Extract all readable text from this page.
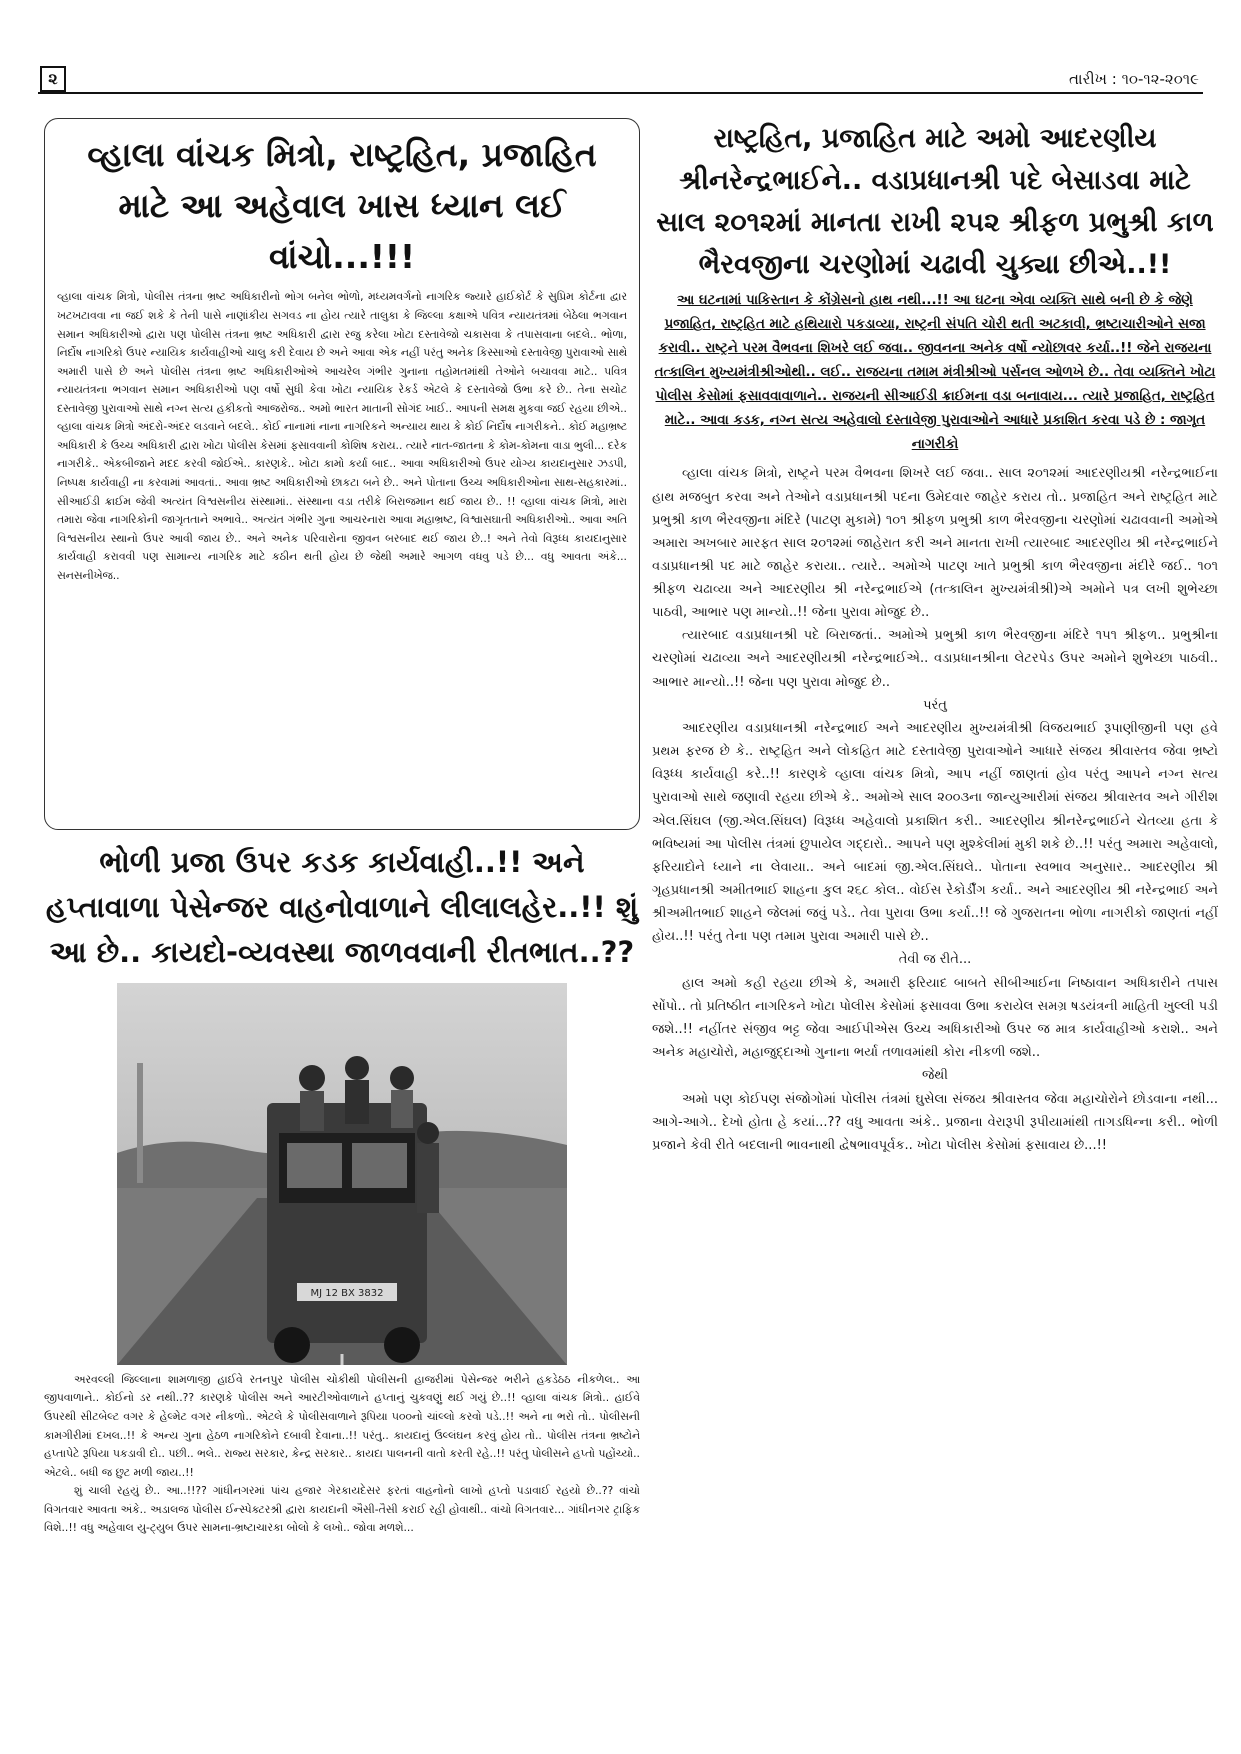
૨	તારીખ : ૧૦-૧૨-૨૦૧૯

વ્હાલા વાંચક મિત્રો, રાષ્ટ્રહિત, પ્રજાહિત માટે આ અહેવાલ ખાસ ધ્યાન લઈ વાંચો...!!!

વ્હાલા વાંચક મિત્રો, પોલીસ તંત્રના ભ્રષ્ટ અધિકારીનો ભોગ બનેલ ભોળો, મધ્યમવર્ગનો નાગરિક જ્યારે હાઈકોર્ટ કે સુપ્રિમ કોર્ટના દ્વાર ખટખટાવવા ના જઈ શકે કે તેની પાસે નાણાંકીય સગવડ ના હોય ત્યારે તાલુકા કે જિલ્લા કક્ષાએ પવિત્ર ન્યાયતંત્રમાં બેઠેલા ભગવાન સમાન અધિકારીઓ દ્વારા પણ પોલીસ તંત્રના ભ્રષ્ટ અધિકારી દ્વારા રજુ કરેલા ખોટા દસ્તાવેજો ચકાસવા કે તપાસવાના બદલે.. ભોળા, નિર્દોષ નાગરિકો ઉપર ન્યાયિક કાર્યવાહીઓ ચાલુ કરી દેવાય છે અને આવા એક નહીં પરંતુ અનેક કિસ્સાઓ દસ્તાવેજી પુરાવાઓ સાથે અમારી પાસે છે અને પોલીસ તંત્રના ભ્રષ્ટ અધિકારીઓએ આચરેલ ગંભીર ગુનાના તહોમતમાંથી તેઓને બચાવવા માટે.. પવિત્ર ન્યાયતંત્રના ભગવાન સમાન અધિકારીઓ પણ વર્ષો સુધી કેવા ખોટા ન્યાયિક રેકર્ડ એટલે કે દસ્તાવેજો ઉભા કરે છે.. તેના સચોટ દસ્તાવેજી પુરાવાઓ સાથે નગ્ન સત્ય હકીકતો આજરોજ.. અમો ભારત માતાની સોગંદ ખાઈ.. આપની સમક્ષ મુકવા જઈ રહયા છીએ.. વ્હાલા વાંચક મિત્રો અંદરો-અંદર લડવાને બદલે.. કોઈ નાનામાં નાના નાગરિકને અન્યાય થાય કે કોઈ નિર્દોષ નાગરીકને.. કોઈ મહાભ્રષ્ટ અધિકારી કે ઉચ્ચ અધિકારી દ્વારા ખોટા પોલીસ કેસમાં ફસાવવાની કોશિષ કરાય.. ત્યારે નાત-જાતના કે કોમ-કોમના વાડા ભુલી... દરેક નાગરીકે.. એકબીજાને મદદ કરવી જોઈએ.. કારણકે.. ખોટા કામો કર્યા બાદ.. આવા અધિકારીઓ ઉપર યોગ્ય કાયદાનુસાર ઝડપી, નિષ્પક્ષ કાર્યવાહી ના કરવામાં આવતાં.. આવા ભ્રષ્ટ અધિકારીઓ છાકટા બને છે.. અને પોતાના ઉચ્ચ અધિકારીઓના સાથ-સહકારમાં.. સીઆઈડી ક્રાઈમ જેવી અત્યંત વિશ્વસનીય સંસ્થામાં.. સંસ્થાના વડા તરીકે બિરાજમાન થઈ જાય છે.. !! વ્હાલા વાંચક મિત્રો, મારા તમારા જેવા નાગરિકોની જાગૃતતાને અભાવે.. અત્યંત ગંભીર ગુના આચરનારા આવા મહાભ્રષ્ટ, વિશ્વાસઘાતી અધિકારીઓ.. આવા અતિ વિશ્વસનીય સ્થાનો ઉપર આવી જાય છે.. અને અનેક પરિવારોના જીવન બરબાદ થઈ જાય છે..! અને તેવો વિરૂધ્ધ કાયદાનુસાર કાર્યવાહી કરાવવી પણ સામાન્ય નાગરિક માટે કઠીન થતી હોય છે જેથી અમારે આગળ વધવુ પડે છે... વધુ આવતા અંકે... સનસનીખેજ..

ભોળી પ્રજા ઉપર કડક કાર્યવાહી..!! અને હપ્તાવાળા પેસેન્જર વાહનોવાળાને લીલાલહેર..!! શું આ છે.. કાયદો-વ્યવસ્થા જાળવવાની રીતભાત..??

MJ 12 BX 3832

અરવલ્લી જિલ્લાના શામળાજી હાઈવે રતનપુર પોલીસ ચોકીથી પોલીસની હાજરીમાં પેસેન્જર ભરીને હકડેઠઠ નીકળેલ.. આ જીપવાળાને.. કોઈનો ડર નથી..?? કારણકે પોલીસ અને આરટીઓવાળાને હપ્તાનું ચુકવણું થઈ ગયું છે..!! વ્હાલા વાંચક મિત્રો.. હાઈવે ઉપરથી સીટબેલ્ટ વગર કે હેલ્મેટ વગર નીકળો.. એટલે કે પોલીસવાળાને રૂપિયા ૫૦૦નો ચાંલ્લો કરવો પડે..!! અને ના ભરો તો.. પોલીસની કામગીરીમાં દખલ..!! કે અન્ય ગુના હેઠળ નાગરિકોને દબાવી દેવાના..!! પરંતુ.. કાયદાનું ઉલ્લંઘન કરવું હોય તો.. પોલીસ તંત્રના ભ્રષ્ટોને હપ્તાપેટે રૂપિયા પકડાવી દો.. પછી.. ભલે.. રાજ્ય સરકાર, કેન્દ્ર સરકાર.. કાયદા પાલનની વાતો કરતી રહે..!! પરંતુ પોલીસને હપ્તો પહોંચ્યો.. એટલે.. બધી જ છુટ મળી જાય..!!

શું ચાલી રહયું છે.. આ..!!?? ગાંધીનગરમાં પાંચ હજાર ગેરકાયદેસર ફરતાં વાહનોનો લાખો હપ્તો પડાવાઈ રહયો છે..?? વાંચો વિગતવાર આવતા અંકે.. અડાલજ પોલીસ ઈન્સ્પેક્ટરશ્રી દ્વારા કાયદાની ઐસી-તૈસી કરાઈ રહી હોવાથી.. વાંચો વિગતવાર... ગાંધીનગર ટ્રાફિક વિશે..!! વધુ અહેવાલ યુ-ટ્યુબ ઉપર સામના-ભ્રષ્ટાચારકા બોલો કે લખો.. જોવા મળશે...

રાષ્ટ્રહિત, પ્રજાહિત માટે અમો આદરણીય શ્રીનરેન્દ્રભાઈને.. વડાપ્રધાનશ્રી પદે બેસાડવા માટે સાલ ૨૦૧૨માં માનતા રાખી ૨૫૨ શ્રીફળ પ્રભુશ્રી કાળ ભૈરવજીના ચરણોમાં ચઢાવી ચુક્યા છીએ..!!

આ ઘટનામાં પાકિસ્તાન કે કોંગ્રેસનો હાથ નથી...!! આ ઘટના એવા વ્યક્તિ સાથે બની છે કે જેણે પ્રજાહિત, રાષ્ટ્રહિત માટે હથિયારો પકડાવ્યા, રાષ્ટ્રની સંપતિ ચોરી થતી અટકાવી, ભ્રષ્ટાચારીઓને સજા કરાવી.. રાષ્ટ્રને પરમ વૈભવના શિખરે લઈ જવા.. જીવનના અનેક વર્ષો ન્યોછાવર કર્યા..!! જેને રાજયના તત્કાલિન મુખ્યમંત્રીશ્રીઓથી.. લઈ.. રાજયના તમામ મંત્રીશ્રીઓ પર્સનલ ઓળખે છે.. તેવા વ્યક્તિને ખોટા પોલીસ કેસોમાં ફસાવવાવાળાને.. રાજયની સીઆઈડી ક્રાઈમના વડા બનાવાય... ત્યારે પ્રજાહિત, રાષ્ટ્રહિત માટે.. આવા કડક, નગ્ન સત્ય અહેવાલો દસ્તાવેજી પુરાવાઓને આધારે પ્રકાશિત કરવા પડે છે : જાગૃત નાગરીકો

વ્હાલા વાંચક મિત્રો, રાષ્ટ્રને પરમ વૈભવના શિખરે લઈ જવા.. સાલ ૨૦૧૨માં આદરણીયશ્રી નરેન્દ્રભાઈના હાથ મજબુત કરવા અને તેઓને વડાપ્રધાનશ્રી પદના ઉમેદવાર જાહેર કરાય તો.. પ્રજાહિત અને રાષ્ટ્રહિત માટે પ્રભુશ્રી કાળ ભૈરવજીના મંદિરે (પાટણ મુકામે) ૧૦૧ શ્રીફળ પ્રભુશ્રી કાળ ભૈરવજીના ચરણોમાં ચઢાવવાની અમોએ અમારા અખબાર મારફત સાલ ૨૦૧૨માં જાહેરાત કરી અને માનતા રાખી ત્યારબાદ આદરણીય શ્રી નરેન્દ્રભાઈને વડાપ્રધાનશ્રી પદ માટે જાહેર કરાયા.. ત્યારે.. અમોએ પાટણ ખાતે પ્રભુશ્રી કાળ ભૈરવજીના મંદીરે જઈ.. ૧૦૧ શ્રીફળ ચઢાવ્યા અને આદરણીય શ્રી નરેન્દ્રભાઈએ (તત્કાલિન મુખ્યમંત્રીશ્રી)એ અમોને પત્ર લખી શુભેચ્છા પાઠવી, આભાર પણ માન્યો..!! જેના પુરાવા મોજુદ છે..

ત્યારબાદ વડાપ્રધાનશ્રી પદે બિરાજતાં.. અમોએ પ્રભુશ્રી કાળ ભૈરવજીના મંદિરે ૧૫૧ શ્રીફળ.. પ્રભુશ્રીના ચરણોમાં ચઢાવ્યા અને આદરણીયશ્રી નરેન્દ્રભાઈએ.. વડાપ્રધાનશ્રીના લેટરપેડ ઉપર અમોને શુભેચ્છા પાઠવી.. આભાર માન્યો..!! જેના પણ પુરાવા મોજુદ છે..

પરંતુ

આદરણીય વડાપ્રધાનશ્રી નરેન્દ્રભાઈ અને આદરણીય મુખ્યમંત્રીશ્રી વિજયભાઈ રૂપાણીજીની પણ હવે પ્રથમ ફરજ છે કે.. રાષ્ટ્રહિત અને લોકહિત માટે દસ્તાવેજી પુરાવાઓને આધારે સંજય શ્રીવાસ્તવ જેવા ભ્રષ્ટો વિરૂધ્ધ કાર્યવાહી કરે..!! કારણકે વ્હાલા વાંચક મિત્રો, આપ નહીં જાણતાં હોવ પરંતુ આપને નગ્ન સત્ય પુરાવાઓ સાથે જણાવી રહયા છીએ કે.. અમોએ સાલ ૨૦૦૩ના જાન્યુઆરીમાં સંજય શ્રીવાસ્તવ અને ગીરીશ એલ.સિંઘલ (જી.એલ.સિંઘલ) વિરૂધ્ધ અહેવાલો પ્રકાશિત કરી.. આદરણીય શ્રીનરેન્દ્રભાઈને ચેતવ્યા હતા કે ભવિષ્યમાં આ પોલીસ તંત્રમાં છુપાયેલ ગદ્દારો.. આપને પણ મુશ્કેલીમાં મુકી શકે છે..!! પરંતુ અમારા અહેવાલો, ફરિયાદોને ધ્યાને ના લેવાયા.. અને બાદમાં જી.એલ.સિંઘલે.. પોતાના સ્વભાવ અનુસાર.. આદરણીય શ્રી ગૃહપ્રધાનશ્રી અમીતભાઈ શાહના કુલ ૨૬૮ કોલ.. વોઈસ રેકોર્ડીંગ કર્યા.. અને આદરણીય શ્રી નરેન્દ્રભાઈ અને શ્રીઅમીતભાઈ શાહને જેલમાં જવું પડે.. તેવા પુરાવા ઉભા કર્યા..!! જે ગુજરાતના ભોળા નાગરીકો જાણતાં નહીં હોય..!! પરંતુ તેના પણ તમામ પુરાવા અમારી પાસે છે..

તેવી જ રીતે...

હાલ અમો કહી રહયા છીએ કે, અમારી ફરિયાદ બાબતે સીબીઆઈના નિષ્ઠાવાન અધિકારીને તપાસ સોંપો.. તો પ્રતિષ્ઠીત નાગરિકને ખોટા પોલીસ કેસોમાં ફસાવવા ઉભા કરાયેલ સમગ્ર ષડયંત્રની માહિતી ખુલ્લી પડી જશે..!! નહીંતર સંજીવ ભટ્ટ જેવા આઈપીએસ ઉચ્ચ અધિકારીઓ ઉપર જ માત્ર કાર્યવાહીઓ કરાશે.. અને અનેક મહાચોરો, મહાજુદ્દાઓ ગુનાના ભર્યા તળાવમાંથી કોરા નીકળી જશે..

જેથી

અમો પણ કોઈપણ સંજોગોમાં પોલીસ તંત્રમાં ઘુસેલા સંજય શ્રીવાસ્તવ જેવા મહાચોરોને છોડવાના નથી... આગે-આગે.. દેખો હોતા હે કયાં...?? વધુ આવતા અંકે.. પ્રજાના વેરારૂપી રૂપીયામાંથી તાગડધિન્ના કરી.. ભોળી પ્રજાને કેવી રીતે બદલાની ભાવનાથી દ્વેષભાવપૂર્વક.. ખોટા પોલીસ કેસોમાં ફસાવાય છે...!!
